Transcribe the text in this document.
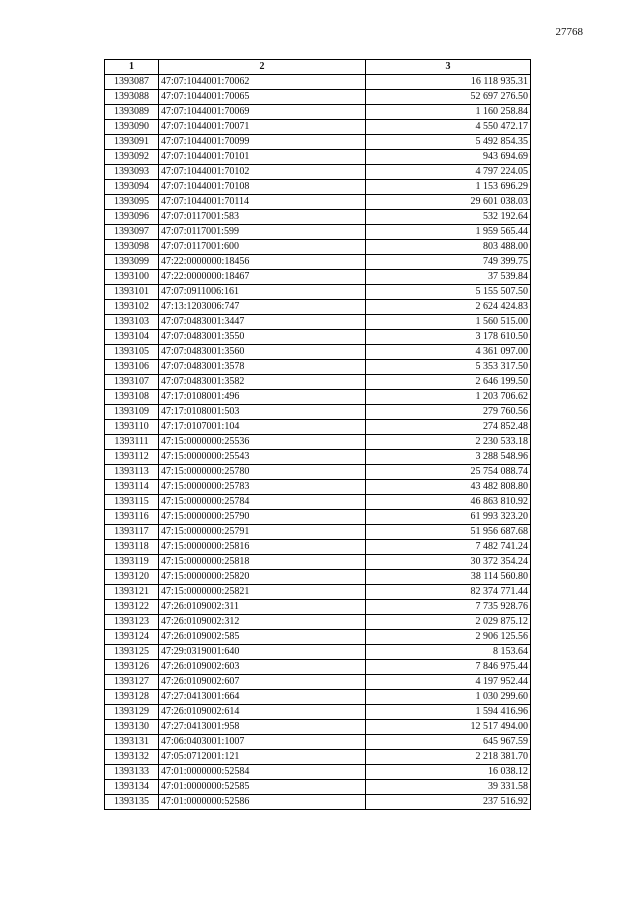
27768
1	2	3
1393087	47:07:1044001:70062	16 118 935.31
1393088	47:07:1044001:70065	52 697 276.50
1393089	47:07:1044001:70069	1 160 258.84
1393090	47:07:1044001:70071	4 550 472.17
1393091	47:07:1044001:70099	5 492 854.35
1393092	47:07:1044001:70101	943 694.69
1393093	47:07:1044001:70102	4 797 224.05
1393094	47:07:1044001:70108	1 153 696.29
1393095	47:07:1044001:70114	29 601 038.03
1393096	47:07:0117001:583	532 192.64
1393097	47:07:0117001:599	1 959 565.44
1393098	47:07:0117001:600	803 488.00
1393099	47:22:0000000:18456	749 399.75
1393100	47:22:0000000:18467	37 539.84
1393101	47:07:0911006:161	5 155 507.50
1393102	47:13:1203006:747	2 624 424.83
1393103	47:07:0483001:3447	1 560 515.00
1393104	47:07:0483001:3550	3 178 610.50
1393105	47:07:0483001:3560	4 361 097.00
1393106	47:07:0483001:3578	5 353 317.50
1393107	47:07:0483001:3582	2 646 199.50
1393108	47:17:0108001:496	1 203 706.62
1393109	47:17:0108001:503	279 760.56
1393110	47:17:0107001:104	274 852.48
1393111	47:15:0000000:25536	2 230 533.18
1393112	47:15:0000000:25543	3 288 548.96
1393113	47:15:0000000:25780	25 754 088.74
1393114	47:15:0000000:25783	43 482 808.80
1393115	47:15:0000000:25784	46 863 810.92
1393116	47:15:0000000:25790	61 993 323.20
1393117	47:15:0000000:25791	51 956 687.68
1393118	47:15:0000000:25816	7 482 741.24
1393119	47:15:0000000:25818	30 372 354.24
1393120	47:15:0000000:25820	38 114 560.80
1393121	47:15:0000000:25821	82 374 771.44
1393122	47:26:0109002:311	7 735 928.76
1393123	47:26:0109002:312	2 029 875.12
1393124	47:26:0109002:585	2 906 125.56
1393125	47:29:0319001:640	8 153.64
1393126	47:26:0109002:603	7 846 975.44
1393127	47:26:0109002:607	4 197 952.44
1393128	47:27:0413001:664	1 030 299.60
1393129	47:26:0109002:614	1 594 416.96
1393130	47:27:0413001:958	12 517 494.00
1393131	47:06:0403001:1007	645 967.59
1393132	47:05:0712001:121	2 218 381.70
1393133	47:01:0000000:52584	16 038.12
1393134	47:01:0000000:52585	39 331.58
1393135	47:01:0000000:52586	237 516.92
